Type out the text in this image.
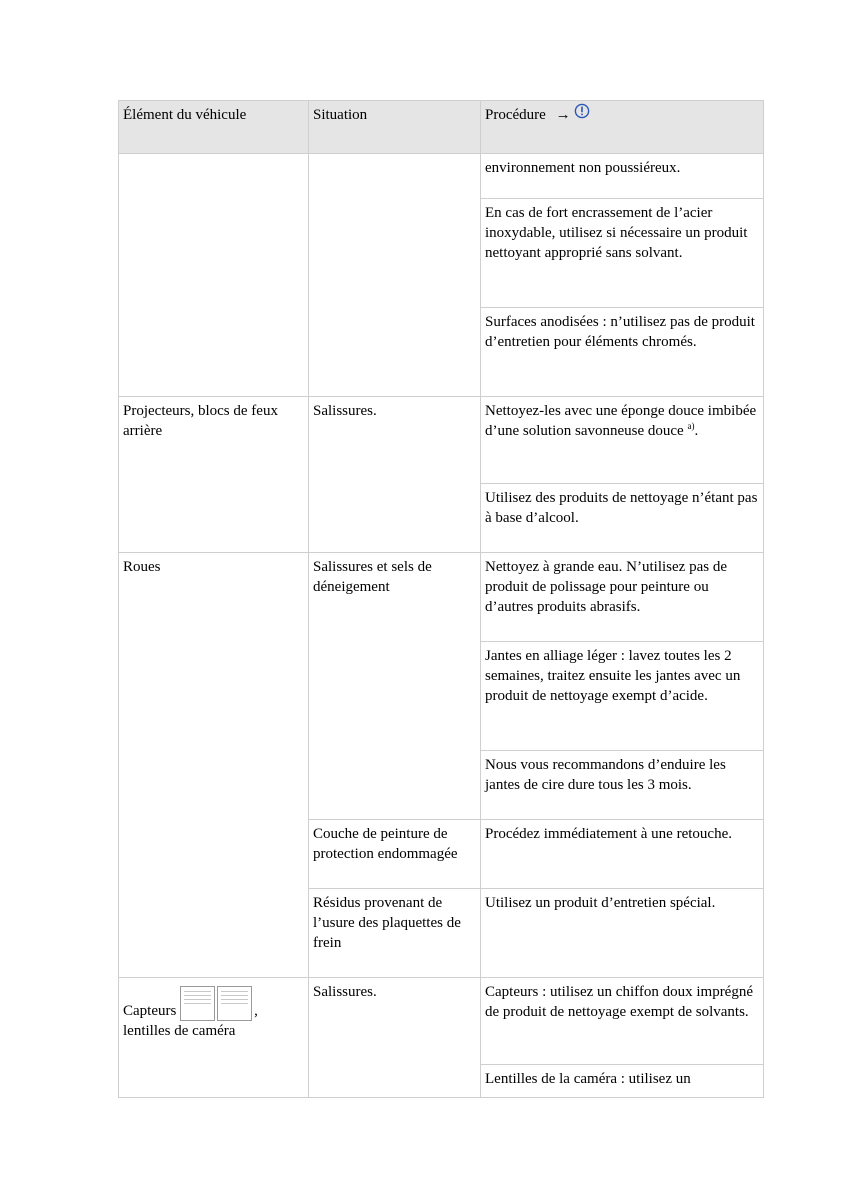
Élément du véhicule	Situation	Procédure →
		environnement non poussiéreux.
		En cas de fort encrassement de l’acier inoxydable, utilisez si nécessaire un produit nettoyant approprié sans solvant.
		Surfaces anodisées : n’utilisez pas de produit d’entretien pour éléments chromés.
Projecteurs, blocs de feux arrière	Salissures.	Nettoyez-les avec une éponge douce imbibée d’une solution savonneuse douce $^{a)}$.
		Utilisez des produits de nettoyage n’étant pas à base d’alcool.
Roues	Salissures et sels de déneigement	Nettoyez à grande eau. N’utilisez pas de produit de polissage pour peinture ou d’autres produits abrasifs.
		Jantes en alliage léger : lavez toutes les 2 semaines, traitez ensuite les jantes avec un produit de nettoyage exempt d’acide.
		Nous vous recommandons d’enduire les jantes de cire dure tous les 3 mois.
	Couche de peinture de protection endommagée	Procédez immédiatement à une retouche.
	Résidus provenant de l’usure des plaquettes de frein	Utilisez un produit d’entretien spécial.

Capteurs ,
lentilles de caméra	Salissures.	Capteurs : utilisez un chiffon doux imprégné de produit de nettoyage exempt de solvants.
		Lentilles de la caméra : utilisez un
